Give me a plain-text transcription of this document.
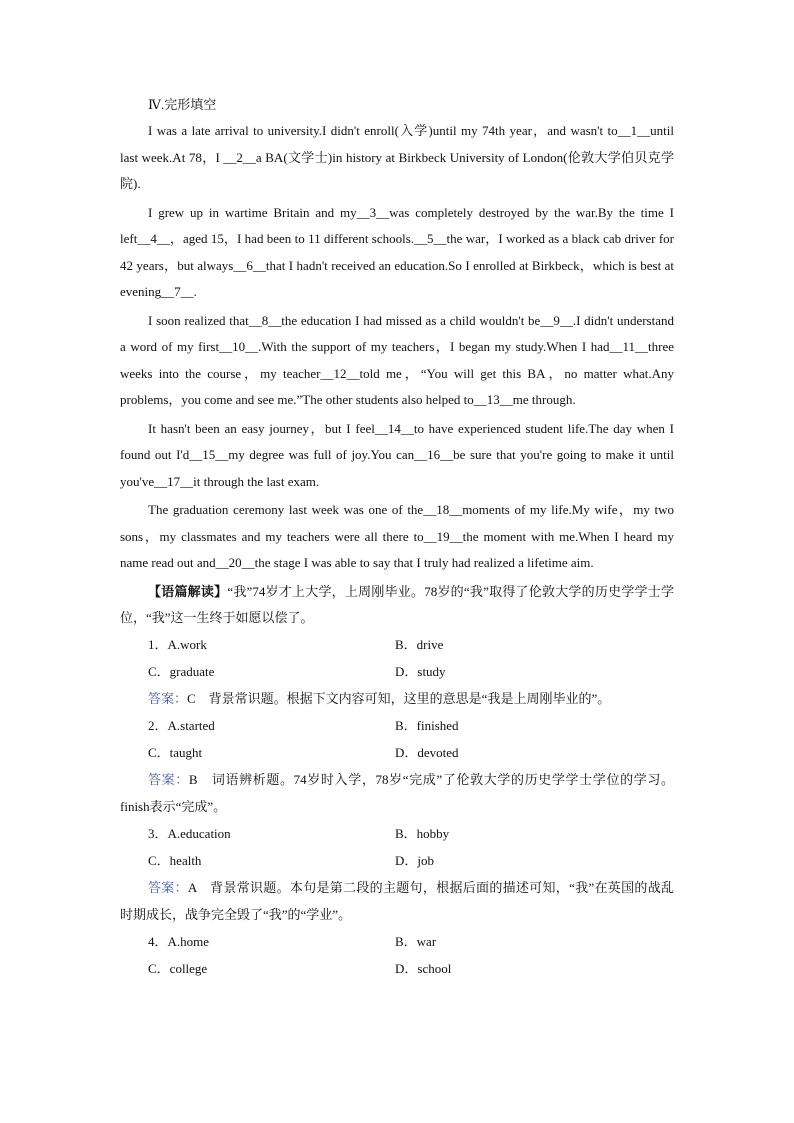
Ⅳ.完形填空

I was a late arrival to university.I didn't enroll(入学)until my 74th year，and wasn't to__1__until last week.At 78，I __2__a BA(文学士)in history at Birkbeck University of London(伦敦大学伯贝克学院).

I grew up in wartime Britain and my__3__was completely destroyed by the war.By the time I left__4__，aged 15，I had been to 11 different schools.__5__the war，I worked as a black cab driver for 42 years，but always__6__that I hadn't received an education.So I enrolled at Birkbeck，which is best at evening__7__.

I soon realized that__8__the education I had missed as a child wouldn't be__9__.I didn't understand a word of my first__10__.With the support of my teachers，I began my study.When I had__11__three weeks into the course，my teacher__12__told me，“You will get this BA，no matter what.Any problems，you come and see me.”The other students also helped to__13__me through.

It hasn't been an easy journey，but I feel__14__to have experienced student life.The day when I found out I'd__15__my degree was full of joy.You can__16__be sure that you're going to make it until you've__17__it through the last exam.

The graduation ceremony last week was one of the__18__moments of my life.My wife，my two sons，my classmates and my teachers were all there to__19__the moment with me.When I heard my name read out and__20__the stage I was able to say that I truly had realized a lifetime aim.

【语篇解读】“我”74岁才上大学，上周刚毕业。78岁的“我”取得了伦敦大学的历史学学士学位，“我”这一生终于如愿以偿了。
1．A.work	B．drive
C．graduate	D．study
答案：C　背景常识题。根据下文内容可知，这里的意思是“我是上周刚毕业的”。
2．A.started	B．finished
C．taught	D．devoted
答案：B　词语辨析题。74岁时入学，78岁“完成”了伦敦大学的历史学学士学位的学习。finish表示“完成”。
3．A.education	B．hobby
C．health	D．job
答案：A　背景常识题。本句是第二段的主题句，根据后面的描述可知，“我”在英国的战乱时期成长，战争完全毁了“我”的“学业”。
4．A.home	B．war
C．college	D．school
